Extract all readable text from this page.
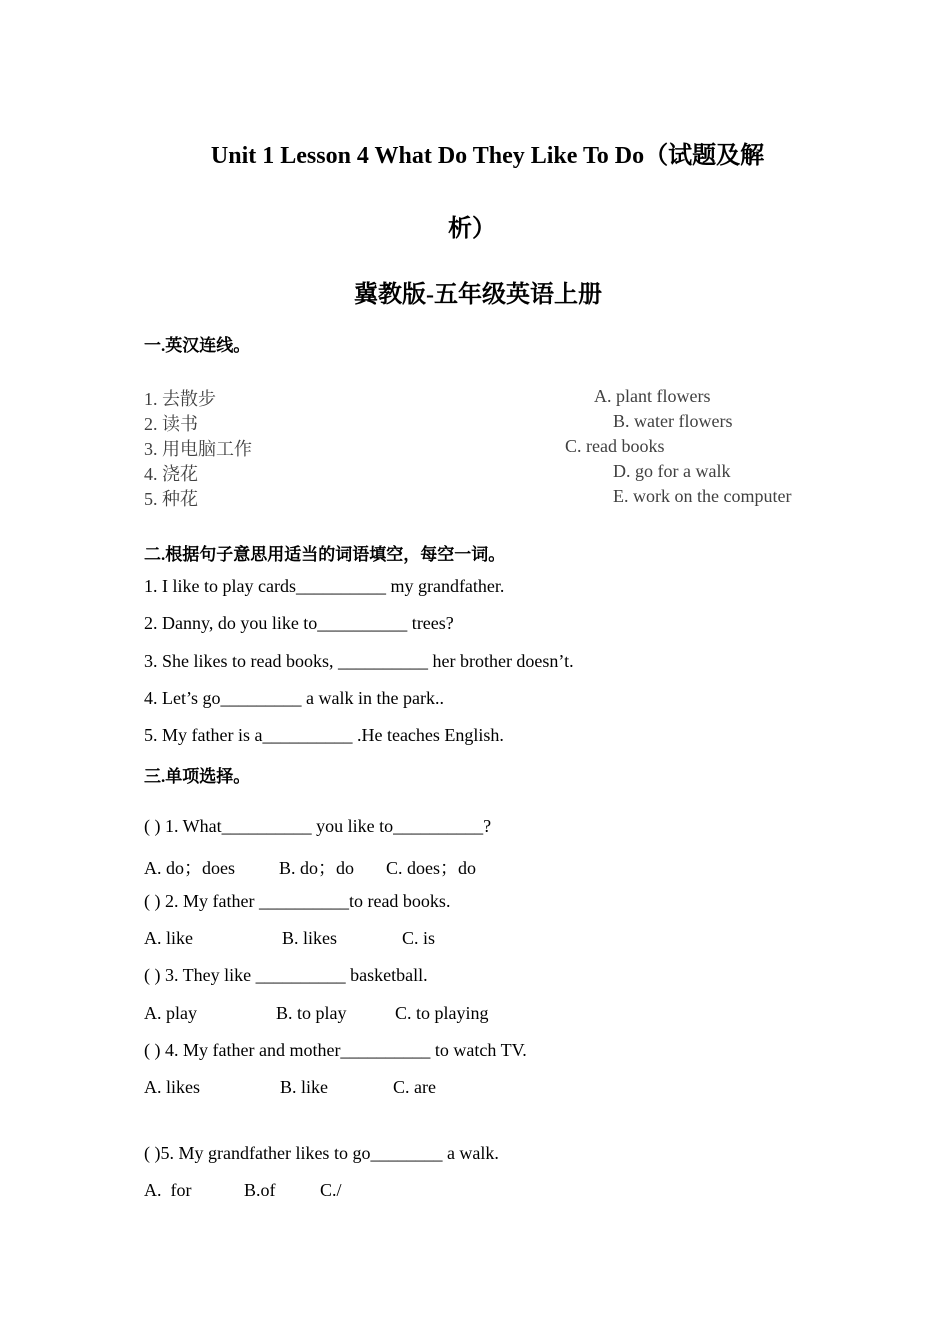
Unit 1 Lesson 4 What Do They Like To Do（试题及解
析）
冀教版-五年级英语上册
一.英汉连线。
1. 去散步
2. 读书
3. 用电脑工作
4. 浇花
5. 种花
A. plant flowers
B. water flowers
C. read books
D. go for a walk
E. work on the computer
二.根据句子意思用适当的词语填空，每空一词。
1. I like to play cards__________ my grandfather.
2. Danny, do you like to__________ trees?
3. She likes to read books, __________ her brother doesn’t.
4. Let’s go_________ a walk in the park..
5. My father is a__________ .He teaches English.
三.单项选择。
( ) 1. What__________ you like to__________?
A. do；does B. do；do C. does；do
( ) 2. My father __________to read books.
A. like	B. likes	C. is
( ) 3. They like __________ basketball.
A. play	B. to play	C. to playing
( ) 4. My father and mother__________ to watch TV.
A. likes	B. like	C. are
( )5. My grandfather likes to go________ a walk.
A.  for	B.of C./
